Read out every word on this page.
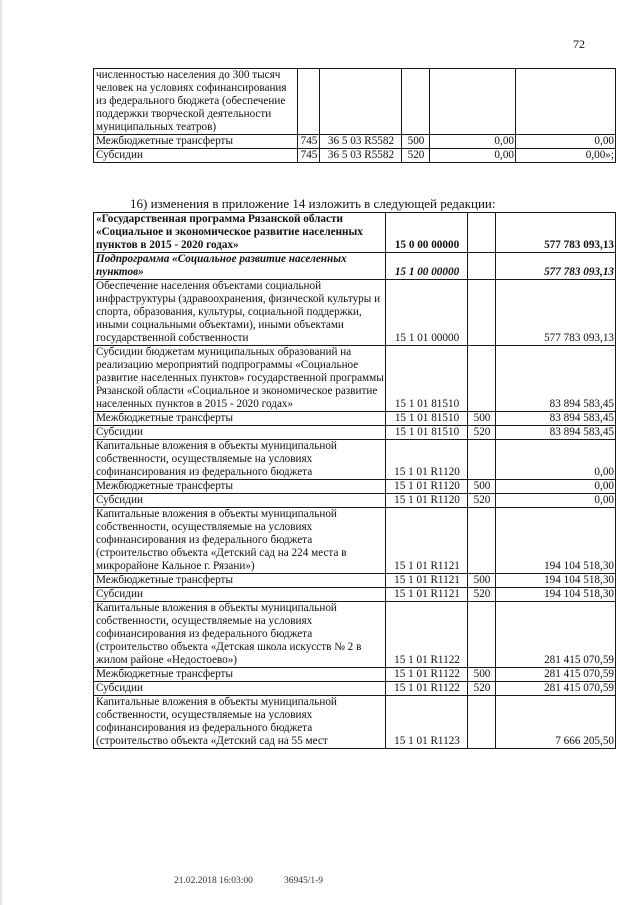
72
численностью населения до 300 тысяч человек на условиях софинансирования из федерального бюджета (обеспечение поддержки творческой деятельности муниципальных театров)					
Межбюджетные трансферты	745	36 5 03 R5582	500	0,00	0,00
Субсидии	745	36 5 03 R5582	520	0,00	0,00»;
16) изменения в приложение 14 изложить в следующей редакции:
«Государственная программа Рязанской области «Социальное и экономическое развитие населенных пунктов в 2015 - 2020 годах»	15 0 00 00000		577 783 093,13
Подпрограмма «Социальное развитие населенных пунктов»	15 1 00 00000		577 783 093,13
Обеспечение населения объектами социальной инфраструктуры (здравоохранения, физической культуры и спорта, образования, культуры, социальной поддержки, иными социальными объектами), иными объектами государственной собственности	15 1 01 00000		577 783 093,13
Субсидии бюджетам муниципальных образований на реализацию мероприятий подпрограммы «Социальное развитие населенных пунктов» государственной программы Рязанской области «Социальное и экономическое развитие населенных пунктов в 2015 - 2020 годах»	15 1 01 81510		83 894 583,45
Межбюджетные трансферты	15 1 01 81510	500	83 894 583,45
Субсидии	15 1 01 81510	520	83 894 583,45
Капитальные вложения в объекты муниципальной собственности, осуществляемые на условиях софинансирования из федерального бюджета	15 1 01 R1120		0,00
Межбюджетные трансферты	15 1 01 R1120	500	0,00
Субсидии	15 1 01 R1120	520	0,00
Капитальные вложения в объекты муниципальной собственности, осуществляемые на условиях софинансирования из федерального бюджета (строительство объекта «Детский сад на 224 места в микрорайоне Кальное г. Рязани»)	15 1 01 R1121		194 104 518,30
Межбюджетные трансферты	15 1 01 R1121	500	194 104 518,30
Субсидии	15 1 01 R1121	520	194 104 518,30
Капитальные вложения в объекты муниципальной собственности, осуществляемые на условиях софинансирования из федерального бюджета (строительство объекта «Детская школа искусств № 2 в жилом районе «Недостоево»)	15 1 01 R1122		281 415 070,59
Межбюджетные трансферты	15 1 01 R1122	500	281 415 070,59
Субсидии	15 1 01 R1122	520	281 415 070,59
Капитальные вложения в объекты муниципальной собственности, осуществляемые на условиях софинансирования из федерального бюджета (строительство объекта «Детский сад на 55 мест	15 1 01 R1123		7 666 205,50
21.02.2018 16:03:00	36945/1-9
